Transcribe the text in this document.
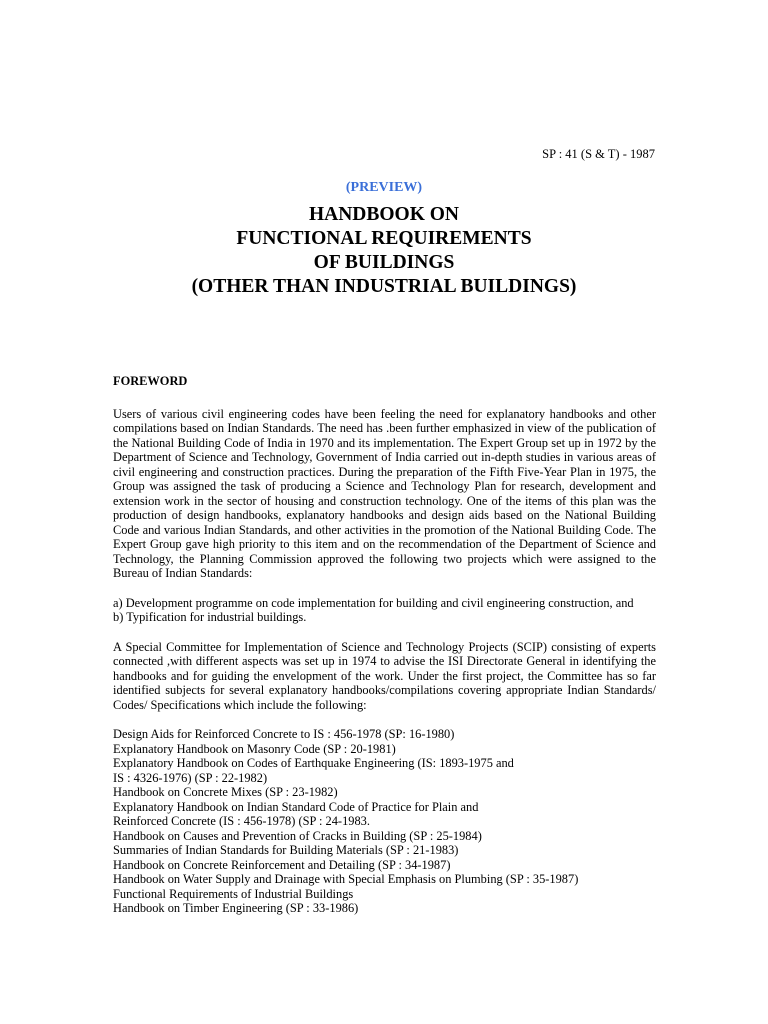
SP : 41 (S & T) - 1987

(PREVIEW)

HANDBOOK ON
FUNCTIONAL REQUIREMENTS
OF BUILDINGS
(OTHER THAN INDUSTRIAL BUILDINGS)

FOREWORD

Users of various civil engineering codes have been feeling the need for explanatory handbooks and other compilations based on Indian Standards. The need has .been further emphasized in view of the publication of the National Building Code of India in 1970 and its implementation. The Expert Group set up in 1972 by the Department of Science and Technology, Government of India carried out in-depth studies in various areas of civil engineering and construction practices. During the preparation of the Fifth Five-Year Plan in 1975, the Group was assigned the task of producing a Science and Technology Plan for research, development and extension work in the sector of housing and construction technology. One of the items of this plan was the production of design handbooks, explanatory handbooks and design aids based on the National Building Code and various Indian Standards, and other activities in the promotion of the National Building Code. The Expert Group gave high priority to this item and on the recommendation of the Department of Science and Technology, the Planning Commission approved the following two projects which were assigned to the Bureau of Indian Standards:

a) Development programme on code implementation for building and civil engineering construction, and
b) Typification for industrial buildings.

A Special Committee for Implementation of Science and Technology Projects (SCIP) consisting of experts connected ,with different aspects was set up in 1974 to advise the ISI Directorate General in identifying the handbooks and for guiding the envelopment of the work. Under the first project, the Committee has so far identified subjects for several explanatory handbooks/compilations covering appropriate Indian Standards/ Codes/ Specifications which include the following:

Design Aids for Reinforced Concrete to IS : 456-1978 (SP: 16-1980)
Explanatory Handbook on Masonry Code (SP : 20-1981)
Explanatory Handbook on Codes of Earthquake Engineering (IS: 1893-1975 and
IS : 4326-1976) (SP : 22-1982)
Handbook on Concrete Mixes (SP : 23-1982)
Explanatory Handbook on Indian Standard Code of Practice for Plain and
Reinforced Concrete (IS : 456-1978) (SP : 24-1983.
Handbook on Causes and Prevention of Cracks in Building (SP : 25-1984)
Summaries of Indian Standards for Building Materials (SP : 21-1983)
Handbook on Concrete Reinforcement and Detailing (SP : 34-1987)
Handbook on Water Supply and Drainage with Special Emphasis on Plumbing (SP : 35-1987)
Functional Requirements of Industrial Buildings
Handbook on Timber Engineering (SP : 33-1986)
